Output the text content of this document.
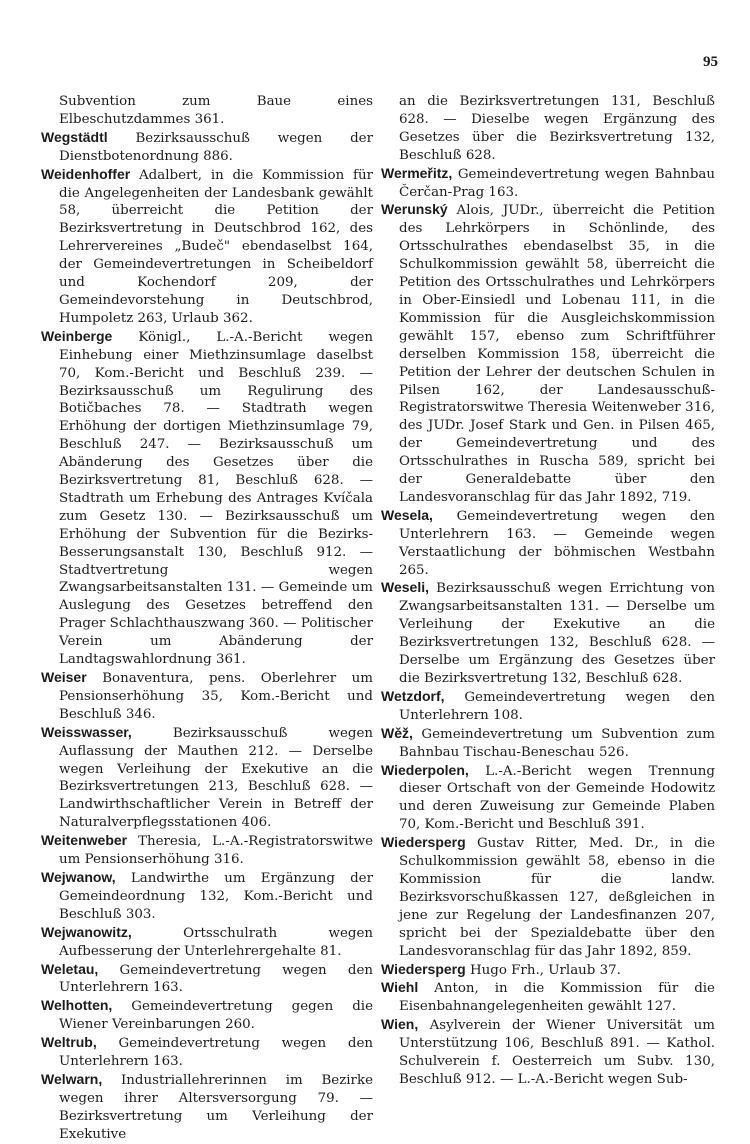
95

Subvention zum Baue eines Elbeschutzdammes 361.

Wegstädtl Bezirksausschuß wegen der Dienstbotenordnung 886.

Weidenhoffer Adalbert, in die Kommission für die Angelegenheiten der Landesbank gewählt 58, überreicht die Petition der Bezirksvertretung in Deutschbrod 162, des Lehrervereines „Budeč" ebendaselbst 164, der Gemeindevertretungen in Scheibeldorf und Kochendorf 209, der Gemeindevorstehung in Deutschbrod, Humpoletz 263, Urlaub 362.

Weinberge Königl., L.-A.-Bericht wegen Einhebung einer Miethzinsumlage daselbst 70, Kom.-Bericht und Beschluß 239. — Bezirksausschuß um Regulirung des Botičbaches 78. — Stadtrath wegen Erhöhung der dortigen Miethzinsumlage 79, Beschluß 247. — Bezirksausschuß um Abänderung des Gesetzes über die Bezirksvertretung 81, Beschluß 628. — Stadtrath um Erhebung des Antrages Kvíčala zum Gesetz 130. — Bezirksausschuß um Erhöhung der Subvention für die Bezirks-Besserungsanstalt 130, Beschluß 912. — Stadtvertretung wegen Zwangsarbeitsanstalten 131. — Gemeinde um Auslegung des Gesetzes betreffend den Prager Schlachthauszwang 360. — Politischer Verein um Abänderung der Landtagswahlordnung 361.

Weiser Bonaventura, pens. Oberlehrer um Pensionserhöhung 35, Kom.-Bericht und Beschluß 346.

Weisswasser,	Bezirksausschuß wegen Auflassung der Mauthen 212. — Derselbe wegen Verleihung der Exekutive an die Bezirksvertretungen 213, Beschluß 628. — Landwirthschaftlicher Verein in Betreff der Naturalverpflegsstationen 406.

Weitenweber Theresia, L.-A.-Registratorswitwe um Pensionserhöhung 316.

Wejwanow, Landwirthe um Ergänzung der Gemeindeordnung 132, Kom.-Bericht und Beschluß 303.

Wejwanowitz,	Ortsschulrath wegen Aufbesserung der Unterlehrergehalte 81.

Weletau, Gemeindevertretung wegen den Unterlehrern 163.

Welhotten, Gemeindevertretung gegen die Wiener Vereinbarungen 260.

Weltrub, Gemeindevertretung wegen den Unterlehrern 163.

Welwarn, Industriallehrerinnen im Bezirke wegen ihrer Altersversorgung 79. — Bezirksvertretung um Verleihung der Exekutive

an die Bezirksvertretungen 131, Beschluß 628. — Dieselbe wegen Ergänzung des Gesetzes über die Bezirksvertretung 132, Beschluß 628.

Wermeřitz, Gemeindevertretung wegen Bahnbau Čerčan-Prag 163.

Werunský Alois, JUDr., überreicht die Petition des Lehrkörpers in Schönlinde, des Ortsschulrathes ebendaselbst 35, in die Schulkommission gewählt 58, überreicht die Petition des Ortsschulrathes und Lehrkörpers in Ober-Einsiedl und Lobenau 111, in die Kommission für die Ausgleichskommission gewählt 157, ebenso zum Schriftführer derselben Kommission 158, überreicht die Petition der Lehrer der deutschen Schulen in Pilsen 162, der Landesausschuß-Registratorswitwe Theresia Weitenweber 316, des JUDr. Josef Stark und Gen. in Pilsen 465, der Gemeindevertretung und des Ortsschulrathes in Ruscha 589, spricht bei der Generaldebatte über den Landesvoranschlag für das Jahr 1892, 719.

Wesela, Gemeindevertretung wegen den Unterlehrern 163. — Gemeinde wegen Verstaatlichung der böhmischen Westbahn 265.

Weseli, Bezirksausschuß wegen Errichtung von Zwangsarbeitsanstalten 131. — Derselbe um Verleihung der Exekutive an die Bezirksvertretungen 132, Beschluß 628. — Derselbe um Ergänzung des Gesetzes über die Bezirksvertretung 132, Beschluß 628.

Wetzdorf, Gemeindevertretung wegen den Unterlehrern 108.

Wěž, Gemeindevertretung um Subvention zum Bahnbau Tischau-Beneschau 526.

Wiederpolen, L.-A.-Bericht wegen Trennung dieser Ortschaft von der Gemeinde Hodowitz und deren Zuweisung zur Gemeinde Plaben 70, Kom.-Bericht und Beschluß 391.

Wiedersperg Gustav Ritter, Med. Dr., in die Schulkommission gewählt 58, ebenso in die Kommission für die landw. Bezirksvorschußkassen 127, deßgleichen in jene zur Regelung der Landesfinanzen 207, spricht bei der Spezialdebatte über den Landesvoranschlag für das Jahr 1892, 859.

Wiedersperg Hugo Frh., Urlaub 37.

Wiehl Anton, in die Kommission für die Eisenbahnangelegenheiten gewählt 127.

Wien, Asylverein der Wiener Universität um Unterstützung 106, Beschluß 891. — Kathol. Schulverein f. Oesterreich um Subv. 130, Beschluß 912. — L.-A.-Bericht wegen Sub-
